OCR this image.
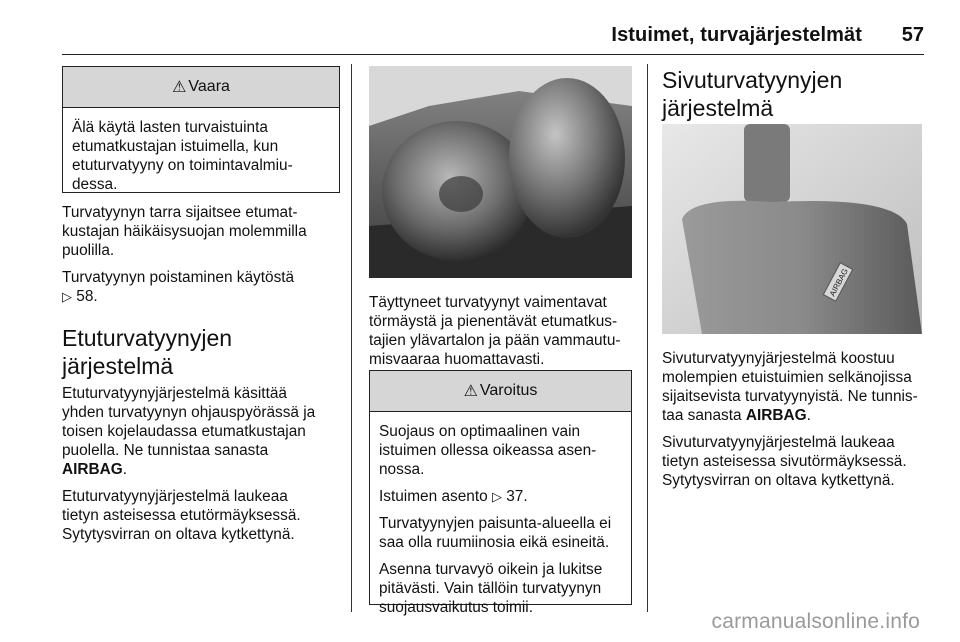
Istuimet, turvajärjestelmät 57
⚠ Vaara
Älä käytä lasten turvaistuinta
etumatkustajan istuimella, kun
etuturvatyyny on toimintavalmiu-
dessa.

Turvatyynyn tarra sijaitsee etumat-
kustajan häikäisysuojan molemmilla
puolilla.

Turvatyynyn poistaminen käytöstä
▷ 58.

Etuturvatyynyjen
järjestelmä

Etuturvatyynyjärjestelmä käsittää
yhden turvatyynyn ohjauspyörässä ja
toisen kojelaudassa etumatkustajan
puolella. Ne tunnistaa sanasta
AIRBAG.

Etuturvatyynyjärjestelmä laukeaa
tietyn asteisessa etutörmäyksessä.
Sytytysvirran on oltava kytkettynä.

Täyttyneet turvatyynyt vaimentavat
törmäystä ja pienentävät etumatkus-
tajien ylävartalon ja pään vammautu-
misvaaraa huomattavasti.
⚠ Varoitus

Suojaus on optimaalinen vain
istuimen ollessa oikeassa asen-
nossa.

Istuimen asento ▷ 37.

Turvatyynyjen paisunta-alueella ei
saa olla ruumiinosia eikä esineitä.

Asenna turvavyö oikein ja lukitse
pitävästi. Vain tällöin turvatyynyn
suojausvaikutus toimii.

Sivuturvatyynyjen
järjestelmä
AIRBAG

Sivuturvatyynyjärjestelmä koostuu
molempien etuistuimien selkänojissa
sijaitsevista turvatyynyistä. Ne tunnis-
taa sanasta AIRBAG.

Sivuturvatyynyjärjestelmä laukeaa
tietyn asteisessa sivutörmäyksessä.
Sytytysvirran on oltava kytkettynä.

carmanualsonline.info
